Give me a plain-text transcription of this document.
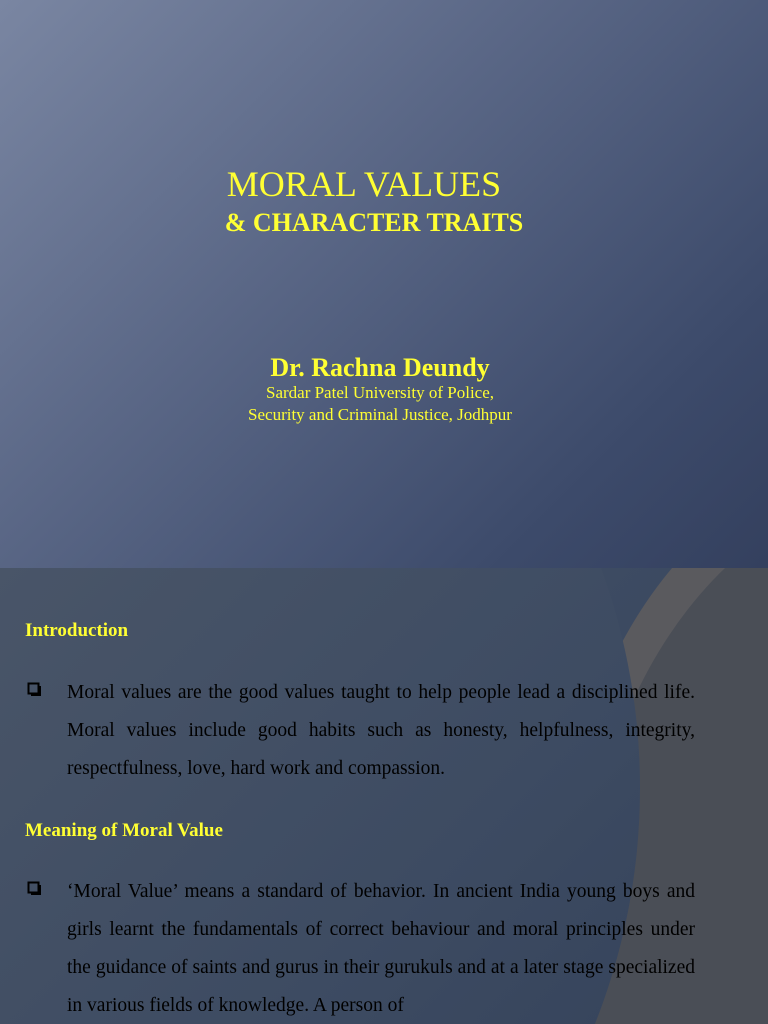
MORAL VALUES
& CHARACTER TRAITS
Dr. Rachna Deundy
Sardar Patel University of Police,
Security and Criminal Justice, Jodhpur
Introduction
Moral values are the good values taught to help people lead a disciplined life. Moral values include good habits such as honesty, helpfulness, integrity, respectfulness, love, hard work and compassion.
Meaning of Moral Value
‘Moral Value’ means a standard of behavior. In ancient India young boys and girls learnt the fundamentals of correct behaviour and moral principles under the guidance of saints and gurus in their gurukuls and at a later stage specialized in various fields of knowledge. A person of
